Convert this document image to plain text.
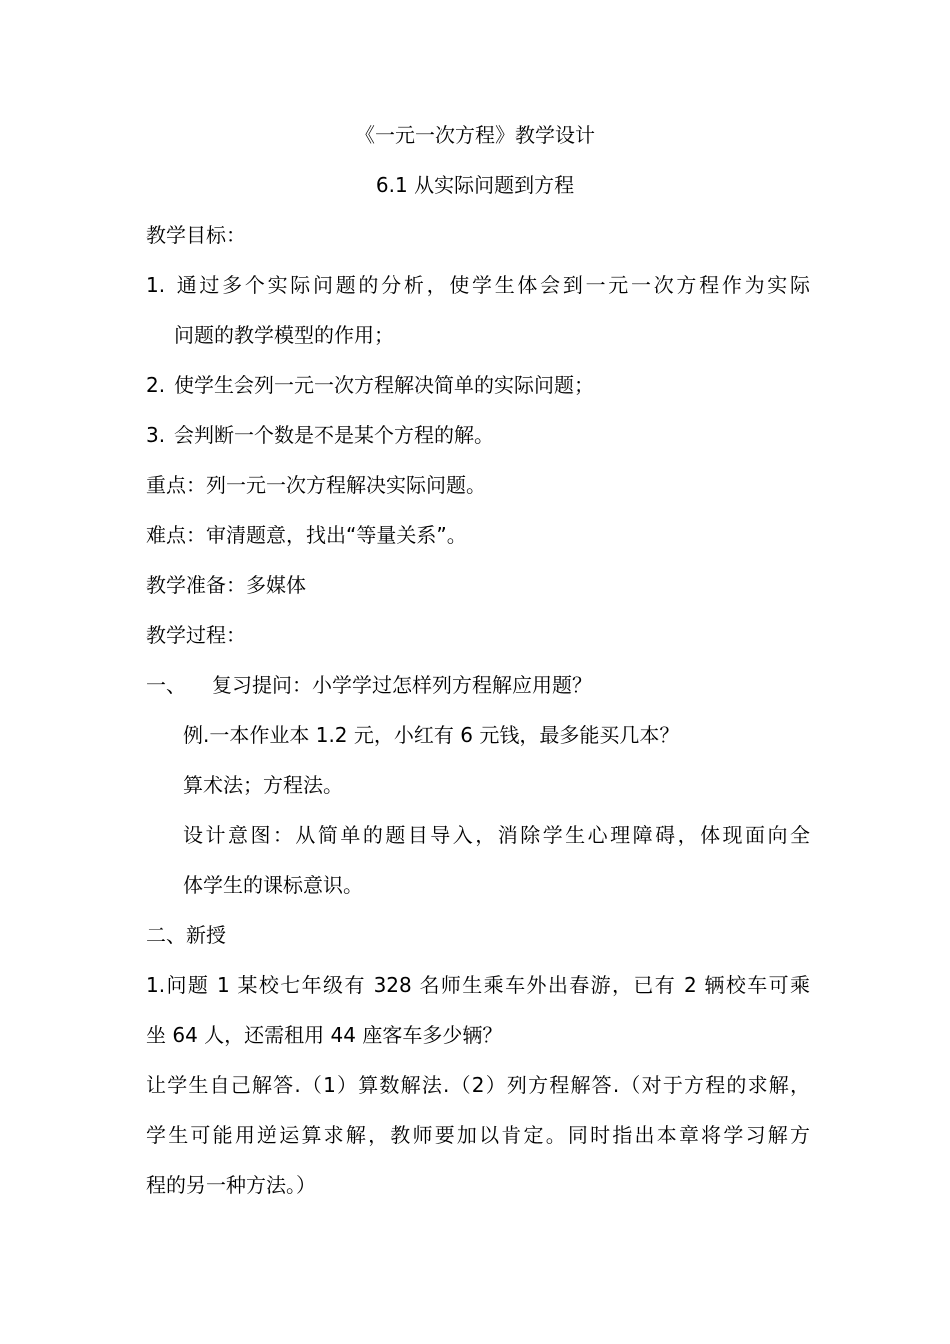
《一元一次方程》教学设计
6.1 从实际问题到方程
教学目标：
1. 通过多个实际问题的分析，使学生体会到一元一次方程作为实际
问题的教学模型的作用；
2. 使学生会列一元一次方程解决简单的实际问题；
3. 会判断一个数是不是某个方程的解。
重点：列一元一次方程解决实际问题。
难点：审清题意，找出“等量关系”。
教学准备：多媒体
教学过程：
一、 复习提问：小学学过怎样列方程解应用题？
例.一本作业本 1.2 元，小红有 6 元钱，最多能买几本？
算术法；方程法。
设计意图：从简单的题目导入，消除学生心理障碍，体现面向全
体学生的课标意识。
二、新授
1.问题 1 某校七年级有 328 名师生乘车外出春游，已有 2 辆校车可乘
坐 64 人，还需租用 44 座客车多少辆？
让学生自己解答.（1）算数解法.（2）列方程解答.（对于方程的求解，
学生可能用逆运算求解，教师要加以肯定。同时指出本章将学习解方
程的另一种方法。）
